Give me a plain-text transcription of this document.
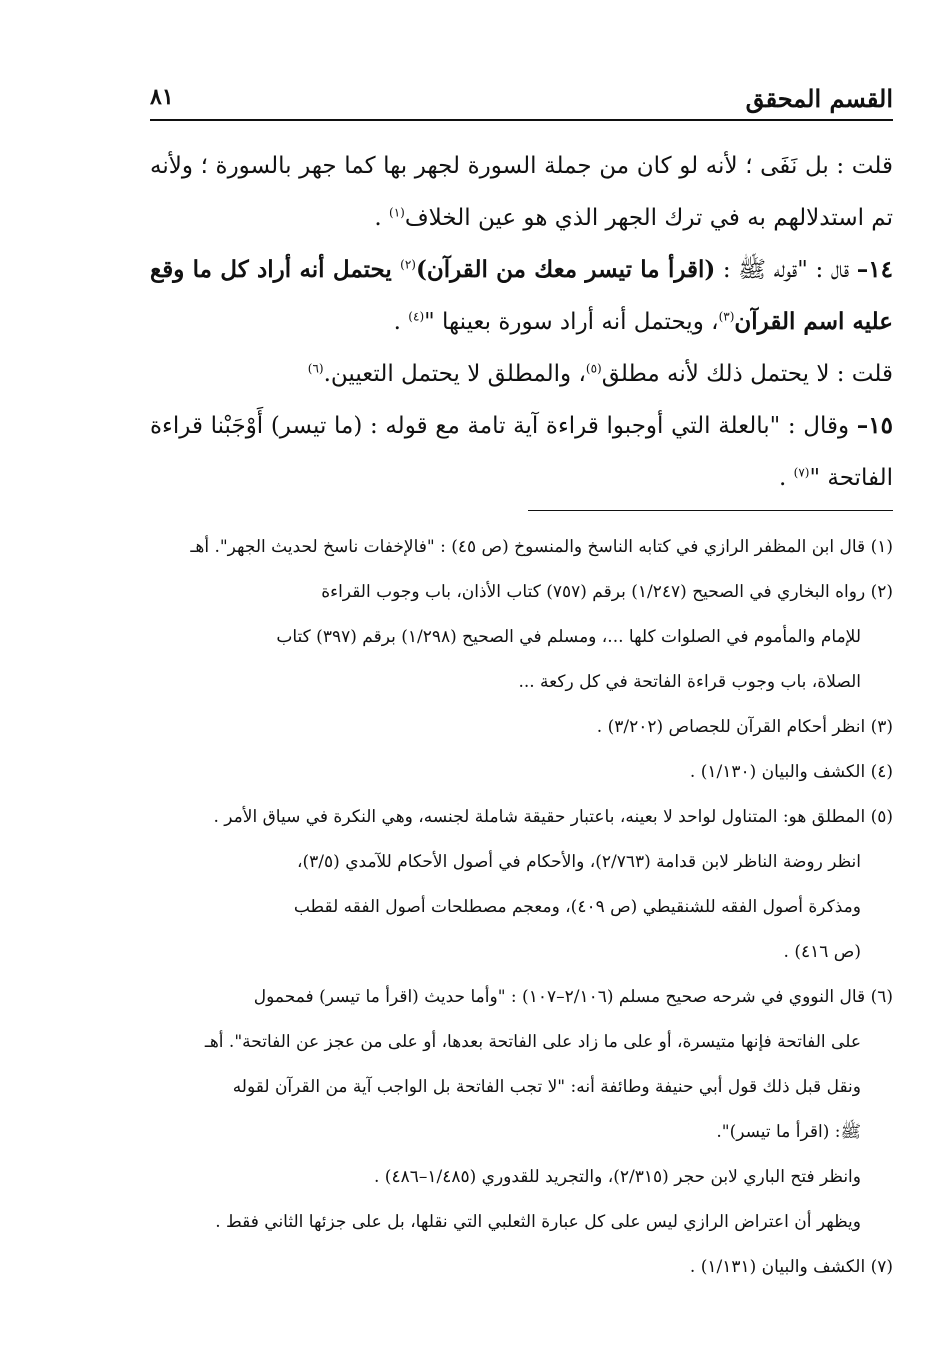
القسم المحقق
٨١

قلت : بل نَفَى ؛ لأنه لو كان من جملة السورة لجهر بها كما جهر بالسورة ؛ ولأنه تم استدلالهم به في ترك الجهر الذي هو عين الخلاف$^{(١)}$ .

١٤– قال : "قوله ﷺ : (اقرأ ما تيسر معك من القرآن)$^{(٢)}$ يحتمل أنه أراد كل ما وقع عليه اسم القرآن$^{(٣)}$، ويحتمل أنه أراد سورة بعينها "$^{(٤)}$ .

قلت : لا يحتمل ذلك لأنه مطلق$^{(٥)}$، والمطلق لا يحتمل التعيين.$^{(٦)}$

١٥– وقال : "بالعلة التي أوجبوا قراءة آية تامة مع قوله : (ما تيسر) أَوْجَبْنا قراءة الفاتحة "$^{(٧)}$ .

(١) قال ابن المظفر الرازي في كتابه الناسخ والمنسوخ (ص ٤٥) : "فالإخفات ناسخ لحديث الجهر". أهـ

(٢) رواه البخاري في الصحيح (١/٢٤٧) برقم (٧٥٧) كتاب الأذان، باب وجوب القراءة

للإمام والمأموم في الصلوات كلها ...، ومسلم في الصحيح (١/٢٩٨) برقم (٣٩٧) كتاب

الصلاة، باب وجوب قراءة الفاتحة في كل ركعة ...

(٣) انظر أحكام القرآن للجصاص (٣/٢٠٢) .

(٤) الكشف والبيان (١/١٣٠) .

(٥) المطلق هو: المتناول لواحد لا بعينه، باعتبار حقيقة شاملة لجنسه، وهي النكرة في سياق الأمر .

انظر روضة الناظر لابن قدامة (٢/٧٦٣)، والأحكام في أصول الأحكام للآمدي (٣/٥)،

ومذكرة أصول الفقه للشنقيطي (ص ٤٠٩)، ومعجم مصطلحات أصول الفقه لقطب

(ص ٤١٦) .

(٦) قال النووي في شرحه صحيح مسلم (٢/١٠٦–١٠٧) : "وأما حديث (اقرأ ما تيسر) فمحمول

على الفاتحة فإنها متيسرة، أو على ما زاد على الفاتحة بعدها، أو على من عجز عن الفاتحة". أهـ

ونقل قبل ذلك قول أبي حنيفة وطائفة أنه: "لا تجب الفاتحة بل الواجب آية من القرآن لقوله

ﷺ: (اقرأ ما تيسر)".

وانظر فتح الباري لابن حجر (٢/٣١٥)، والتجريد للقدوري (١/٤٨٥–٤٨٦) .

ويظهر أن اعتراض الرازي ليس على كل عبارة الثعلبي التي نقلها، بل على جزئها الثاني فقط .

(٧) الكشف والبيان (١/١٣١) .
